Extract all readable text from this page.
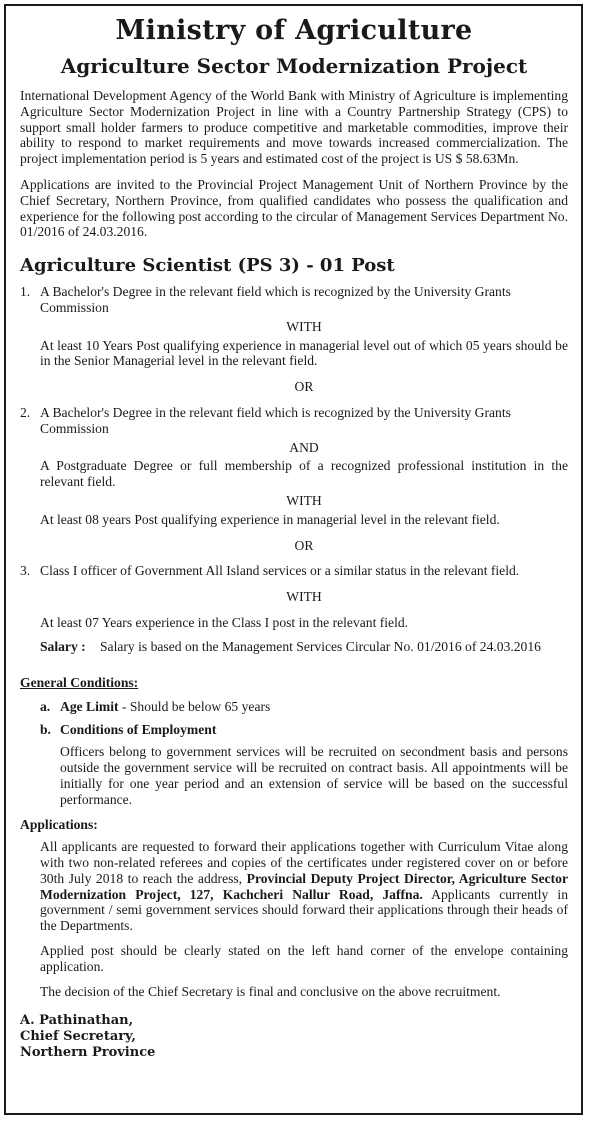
Ministry of Agriculture
Agriculture Sector Modernization Project

International Development Agency of the World Bank with Ministry of Agriculture is implementing Agriculture Sector Modernization Project in line with a Country Partnership Strategy (CPS) to support small holder farmers to produce competitive and marketable commodities, improve their ability to respond to market requirements and move towards increased commercialization. The project implementation period is 5 years and estimated cost of the project is US $ 58.63Mn.

Applications are invited to the Provincial Project Management Unit of Northern Province by the Chief Secretary, Northern Province, from qualified candidates who possess the qualification and experience for the following post according to the circular of Management Services Department No. 01/2016 of 24.03.2016.

Agriculture Scientist (PS 3) - 01 Post
1. A Bachelor's Degree in the relevant field which is recognized by the University Grants Commission
WITH
At least 10 Years Post qualifying experience in managerial level out of which 05 years should be in the Senior Managerial level in the relevant field.
OR
2. A Bachelor's Degree in the relevant field which is recognized by the University Grants Commission
AND
A Postgraduate Degree or full membership of a recognized professional institution in the relevant field.
WITH
At least 08 years Post qualifying experience in managerial level in the relevant field.
OR
3. Class I officer of Government All Island services or a similar status in the relevant field.
WITH
At least 07 Years experience in the Class I post in the relevant field.
Salary :	Salary is based on the Management Services Circular No. 01/2016 of 24.03.2016
General Conditions:
a. Age Limit - Should be below 65 years
b. Conditions of Employment
Officers belong to government services will be recruited on secondment basis and persons outside the government service will be recruited on contract basis. All appointments will be initially for one year period and an extension of service will be based on the successful performance.
Applications:
All applicants are requested to forward their applications together with Curriculum Vitae along with two non-related referees and copies of the certificates under registered cover on or before 30th July 2018 to reach the address, Provincial Deputy Project Director, Agriculture Sector Modernization Project, 127, Kachcheri Nallur Road, Jaffna. Applicants currently in government / semi government services should forward their applications through their heads of the Departments.
Applied post should be clearly stated on the left hand corner of the envelope containing application.
The decision of the Chief Secretary is final and conclusive on the above recruitment.
A. Pathinathan,
Chief Secretary,
Northern Province
